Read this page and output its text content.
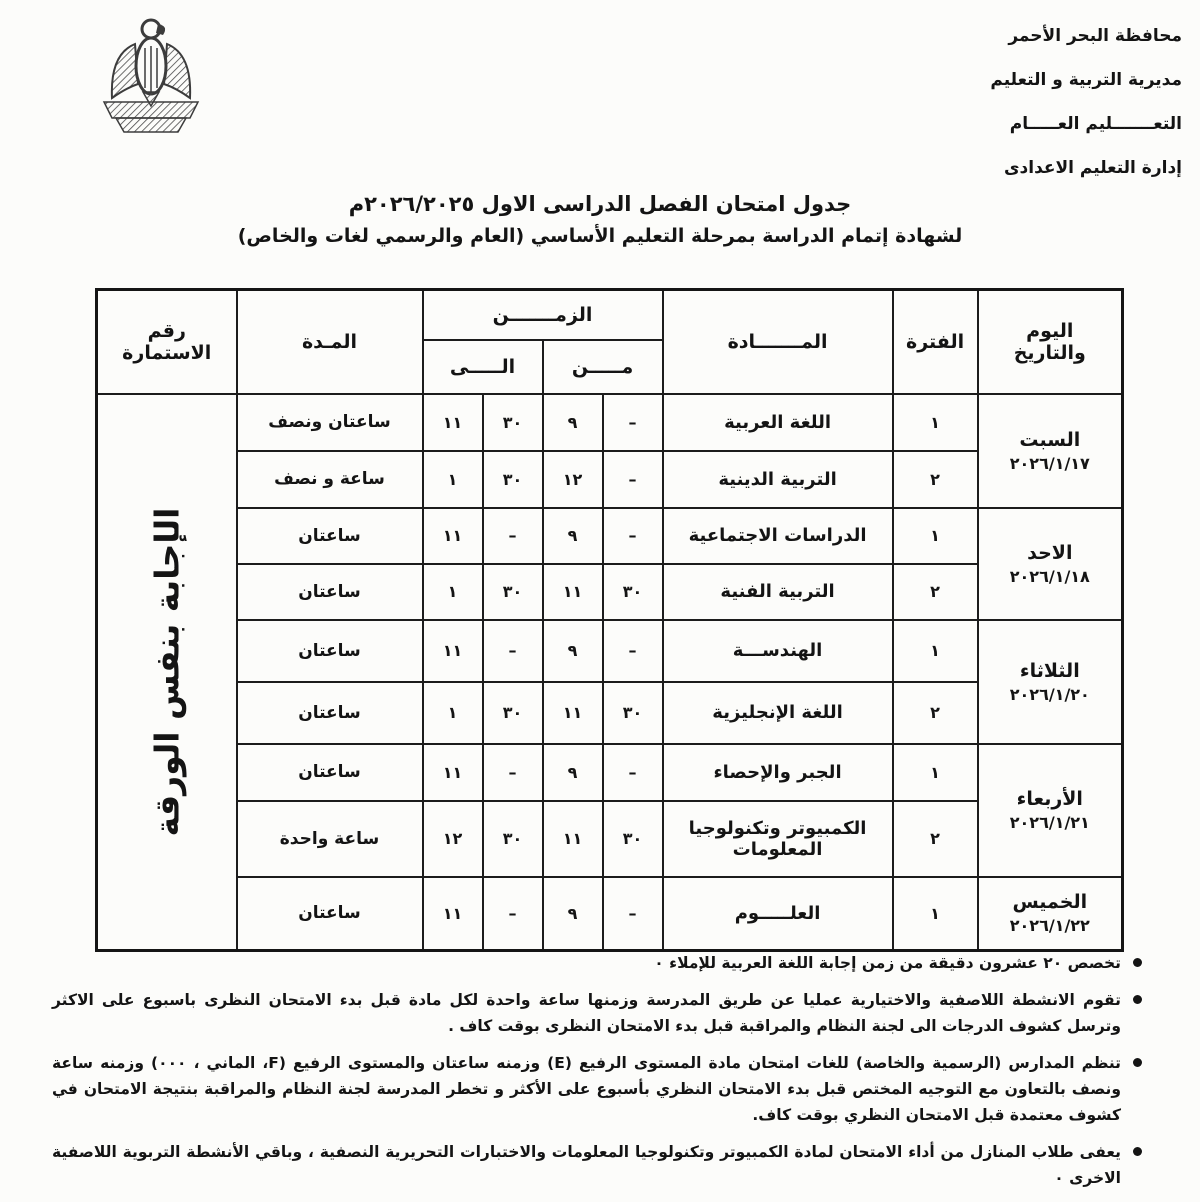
محافظة البحر الأحمر
مديرية التربية و التعليم
التعـــــــليم العـــــام
إدارة التعليم الاعدادى
جدول امتحان الفصل الدراسى الاول ٢٠٢٦/٢٠٢٥م
لشهادة إتمام الدراسة بمرحلة التعليم الأساسي (العام والرسمي لغات والخاص)
اليوم
والتاريخ
	الفترة	المـــــــادة	الزمـــــــن	المـدة	
رقم
الاستمارة

			مـــــن		الـــــى			

السبت
٢٠٢٦/١/١٧	١	اللغة العربية	–	٩	٣٠	١١	ساعتان ونصف	الإجابة بنفس الورقة

	٢	التربية الدينية	–	١٢	٣٠	١	ساعة و نصف	

الاحد
٢٠٢٦/١/١٨	١	الدراسات الاجتماعية	–	٩	–	١١	ساعتان	
	٢	التربية الفنية	٣٠	١١	٣٠	١	ساعتان	

الثلاثاء
٢٠٢٦/١/٢٠	١	الهندســـة	–	٩	–	١١	ساعتان	
	٢	اللغة الإنجليزية	٣٠	١١	٣٠	١	ساعتان	

الأربعاء
٢٠٢٦/١/٢١	١	الجبر والإحصاء	–	٩	–	١١	ساعتان	
	٢	الكمبيوتر وتكنولوجيا المعلومات	٣٠	١١	٣٠	١٢	ساعة واحدة	

الخميس
٢٠٢٦/١/٢٢	١	العلـــــوم	–	٩	–	١١	ساعتان	
تخصص ٢٠ عشرون دقيقة من زمن إجابة اللغة العربية للإملاء ٠
تقوم الانشطة اللاصفية والاختيارية عمليا عن طريق المدرسة وزمنها ساعة واحدة لكل مادة قبل بدء الامتحان النظرى باسبوع على الاكثر وترسل كشوف الدرجات الى لجنة النظام والمراقبة قبل بدء الامتحان النظرى بوقت كاف .
تنظم المدارس (الرسمية والخاصة) للغات امتحان مادة المستوى الرفيع (E) وزمنه ساعتان والمستوى الرفيع (F، الماني ، ٠٠٠) وزمنه ساعة ونصف بالتعاون مع التوجيه المختص قبل بدء الامتحان النظري بأسبوع على الأكثر و تخطر المدرسة لجنة النظام والمراقبة بنتيجة الامتحان في كشوف معتمدة قبل الامتحان النظري بوقت كاف.
يعفى طلاب المنازل من أداء الامتحان لمادة الكمبيوتر وتكنولوجيا المعلومات والاختبارات التحريرية النصفية ، وباقي الأنشطة التربوية اللاصفية الاخرى ٠
